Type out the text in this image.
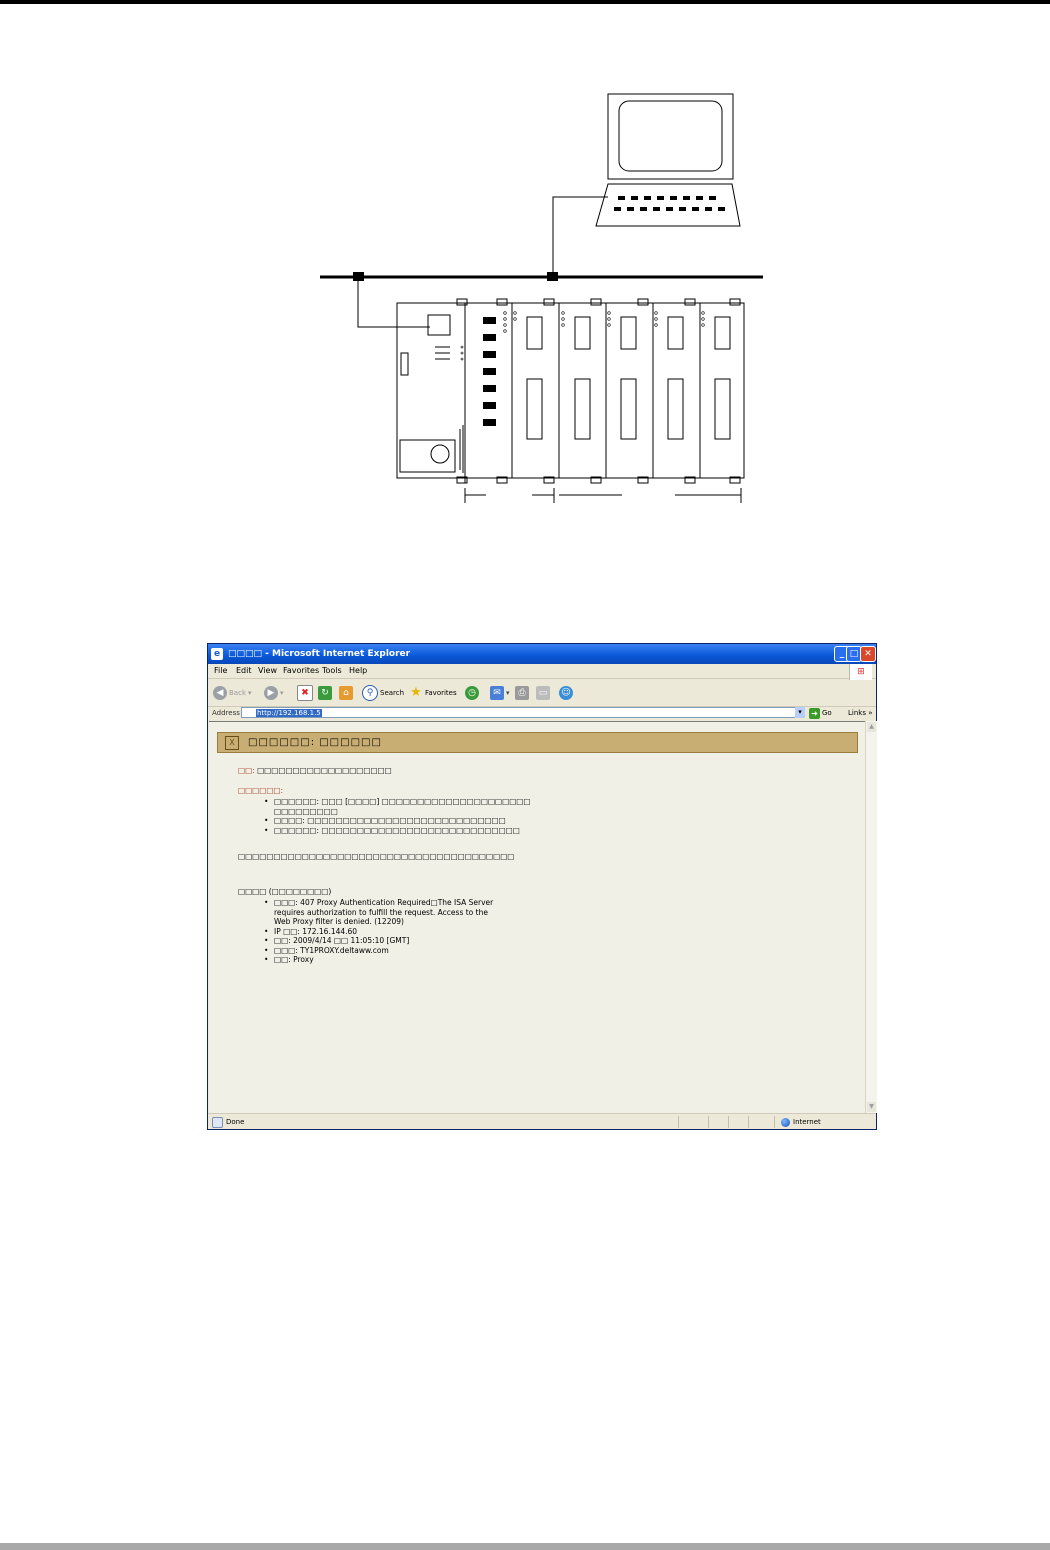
e □□□□ - Microsoft Internet Explorer	_ □ ✕
File Edit View Favorites Tools Help	⊞
◀ Back ▾	▶ ▾	✖	↻	⌂	⚲ Search ★ Favorites	◷	✉ ▾ ⎙	▭	☺
Address http://192.168.1.5	▾	➜ Go Links »
X	□□□□□□: □□□□□□
□□: □□□□□□□□□□□□□□□□□□□
□□□□□□:
• □□□□□□: □□□ [□□□□] □□□□□□□□□□□□□□□□□□□□□
□□□□□□□□□
• □□□□: □□□□□□□□□□□□□□□□□□□□□□□□□□□□
• □□□□□□: □□□□□□□□□□□□□□□□□□□□□□□□□□□□
□□□□□□□□□□□□□□□□□□□□□□□□□□□□□□□□□□□□□□□
□□□□ (□□□□□□□□)
• □□□: 407 Proxy Authentication Required□The ISA Server
requires authorization to fulfill the request. Access to the
Web Proxy filter is denied. (12209)
• IP □□: 172.16.144.60
• □□: 2009/4/14 □□ 11:05:10 [GMT]
• □□□: TY1PROXY.deltaww.com
• □□: Proxy
▲
▼
Done	Internet
